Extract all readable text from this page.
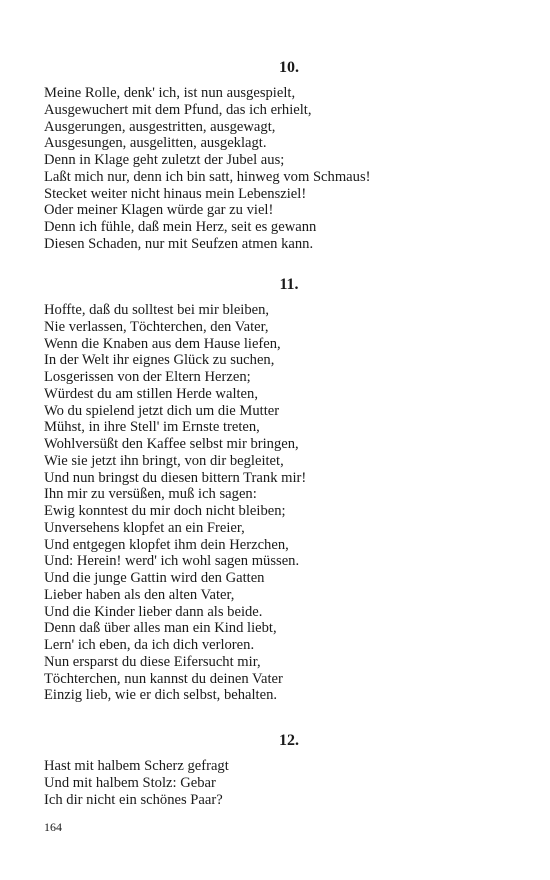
10.
Meine Rolle, denk' ich, ist nun ausgespielt,
Ausgewuchert mit dem Pfund, das ich erhielt,
Ausgerungen, ausgestritten, ausgewagt,
Ausgesungen, ausgelitten, ausgeklagt.
Denn in Klage geht zuletzt der Jubel aus;
Laßt mich nur, denn ich bin satt, hinweg vom Schmaus!
Stecket weiter nicht hinaus mein Lebensziel!
Oder meiner Klagen würde gar zu viel!
Denn ich fühle, daß mein Herz, seit es gewann
Diesen Schaden, nur mit Seufzen atmen kann.
11.
Hoffte, daß du solltest bei mir bleiben,
Nie verlassen, Töchterchen, den Vater,
Wenn die Knaben aus dem Hause liefen,
In der Welt ihr eignes Glück zu suchen,
Losgerissen von der Eltern Herzen;
Würdest du am stillen Herde walten,
Wo du spielend jetzt dich um die Mutter
Mühst, in ihre Stell' im Ernste treten,
Wohlversüßt den Kaffee selbst mir bringen,
Wie sie jetzt ihn bringt, von dir begleitet,
Und nun bringst du diesen bittern Trank mir!
Ihn mir zu versüßen, muß ich sagen:
Ewig konntest du mir doch nicht bleiben;
Unversehens klopfet an ein Freier,
Und entgegen klopfet ihm dein Herzchen,
Und: Herein! werd' ich wohl sagen müssen.
Und die junge Gattin wird den Gatten
Lieber haben als den alten Vater,
Und die Kinder lieber dann als beide.
Denn daß über alles man ein Kind liebt,
Lern' ich eben, da ich dich verloren.
Nun ersparst du diese Eifersucht mir,
Töchterchen, nun kannst du deinen Vater
Einzig lieb, wie er dich selbst, behalten.
12.
Hast mit halbem Scherz gefragt
Und mit halbem Stolz: Gebar
Ich dir nicht ein schönes Paar?
164
